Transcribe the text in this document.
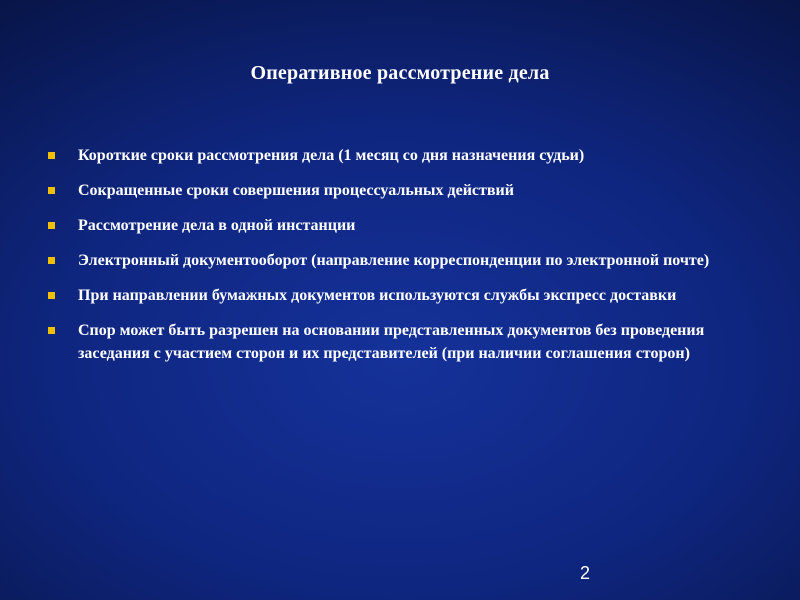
Оперативное рассмотрение дела
Короткие сроки рассмотрения дела (1 месяц со дня назначения судьи)
Сокращенные сроки совершения процессуальных действий
Рассмотрение дела в одной инстанции
Электронный документооборот (направление корреспонденции по электронной почте)
При направлении бумажных документов используются службы экспресс доставки
Спор может быть разрешен на основании представленных документов без проведения заседания с участием сторон и их представителей (при наличии соглашения сторон)
2
